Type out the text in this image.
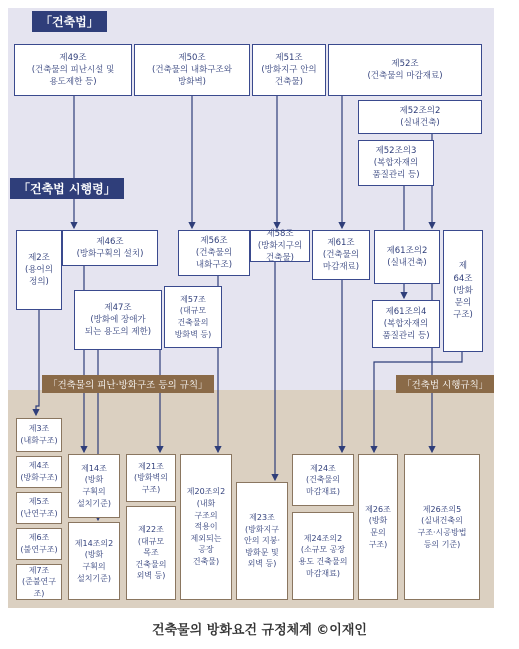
「건축법」
「건축법 시행령」
「건축물의 피난·방화구조 등의 규칙」	「건축법 시행규칙」
제49조
(건축물의 피난시설 및
용도제한 등)
제50조
(건축물의 내화구조와
방화벽)
제51조
(방화지구 안의
건축물)
제52조
(건축물의 마감재료)
제52조의2
(실내건축)
제52조의3
(복합자재의
품질관리 등)
제2조
(용어의
정의)
제46조
(방화구획의 설치)
제47조
(방화에 장애가
되는 용도의 제한)
제56조
(건축물의
내화구조)
제57조
(대규모
건축물의
방화벽 등)
제58조
(방화지구의
건축물)
제61조
(건축물의
마감재료)
제61조의2
(실내건축)
제61조의4
(복합자재의
품질관리 등)
제
64조
(방화
문의
구조)
제3조
(내화구조)
제4조
(방화구조)
제5조
(난연구조)
제6조
(불연구조)
제7조
(준불연구조)
제14조
(방화
구획의
설치기준)
제14조의2
(방화
구획의
설치기준)
제21조
(방화벽의
구조)
제22조
(대규모
목조
건축물의
외벽 등)
제20조의2
(내화
구조의
적용이
제외되는
공장
건축물)
제23조
(방화지구
안의 지붕·
방화문 및
외벽 등)
제24조
(건축물의
마감재료)
제24조의2
(소규모 공장
용도 건축물의
마감재료)
제26조
(방화
문의
구조)
제26조의5
(실내건축의
구조·시공방법
등의 기준)
건축물의 방화요건 규정체계 ©이재인
